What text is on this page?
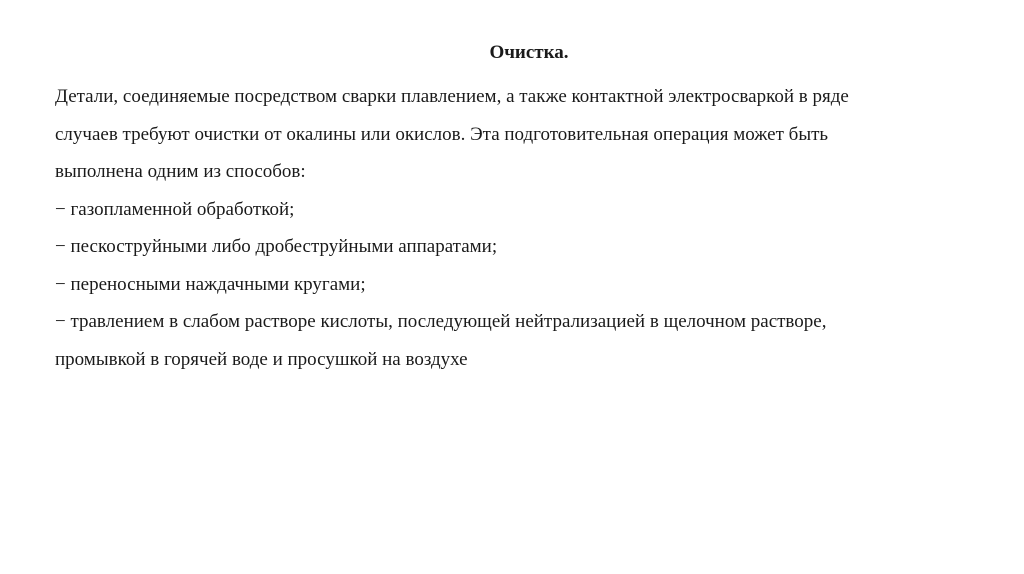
Очистка.
Детали, соединяемые посредством сварки плавлением, а также контактной электросваркой в ряде
случаев требуют очистки от окалины или окислов. Эта подготовительная операция может быть
выполнена одним из способов:
− газопламенной обработкой;
− пескоструйными либо дробеструйными аппаратами;
− переносными наждачными кругами;
− травлением в слабом растворе кислоты, последующей нейтрализацией в щелочном растворе,
промывкой в горячей воде и просушкой на воздухе
